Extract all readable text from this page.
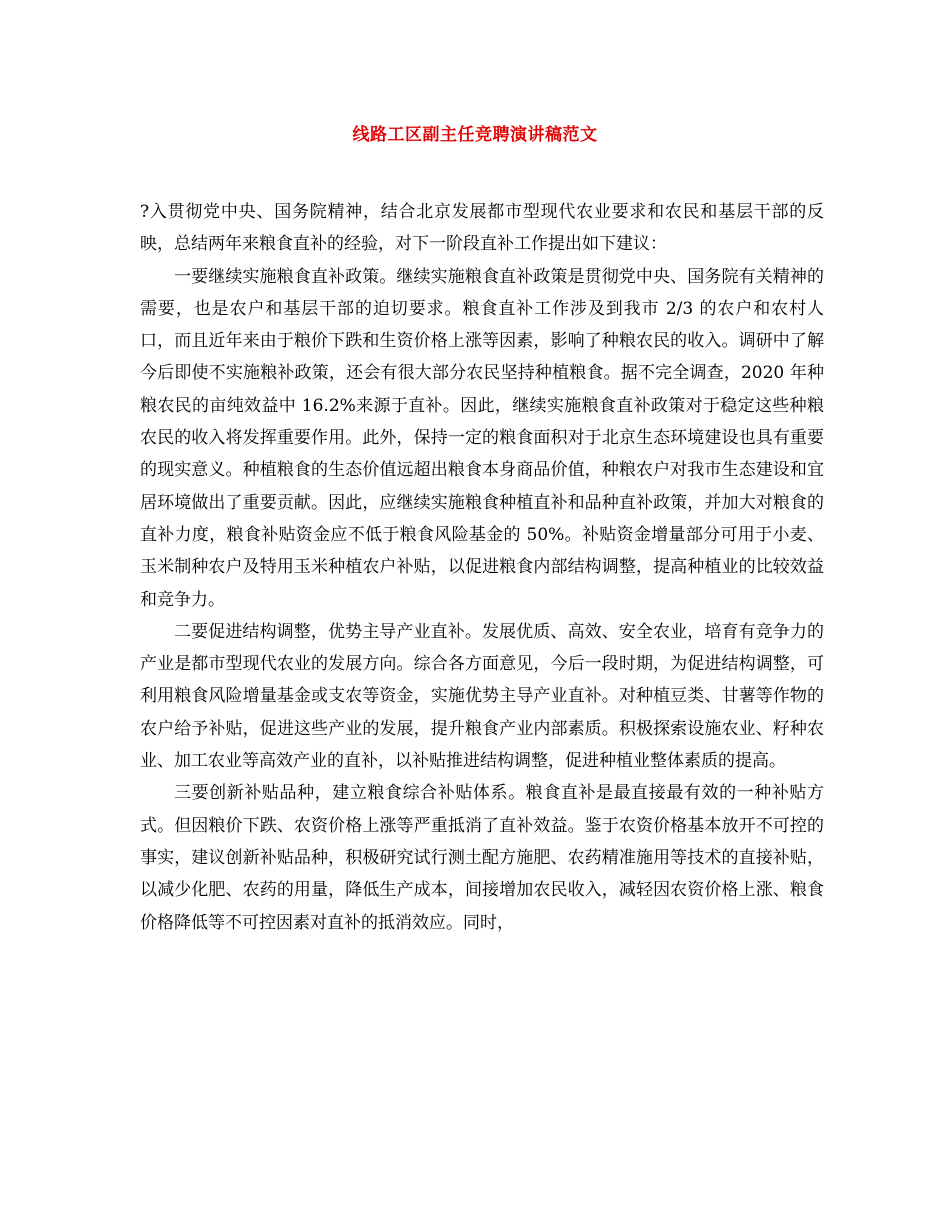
线路工区副主任竞聘演讲稿范文

?入贯彻党中央、国务院精神，结合北京发展都市型现代农业要求和农民和基层干部的反映，总结两年来粮食直补的经验，对下一阶段直补工作提出如下建议：

一要继续实施粮食直补政策。继续实施粮食直补政策是贯彻党中央、国务院有关精神的需要，也是农户和基层干部的迫切要求。粮食直补工作涉及到我市 2/3 的农户和农村人口，而且近年来由于粮价下跌和生资价格上涨等因素，影响了种粮农民的收入。调研中了解今后即使不实施粮补政策，还会有很大部分农民坚持种植粮食。据不完全调查，2020 年种粮农民的亩纯效益中 16.2%来源于直补。因此，继续实施粮食直补政策对于稳定这些种粮农民的收入将发挥重要作用。此外，保持一定的粮食面积对于北京生态环境建设也具有重要的现实意义。种植粮食的生态价值远超出粮食本身商品价值，种粮农户对我市生态建设和宜居环境做出了重要贡献。因此，应继续实施粮食种植直补和品种直补政策，并加大对粮食的直补力度，粮食补贴资金应不低于粮食风险基金的 50%。补贴资金增量部分可用于小麦、玉米制种农户及特用玉米种植农户补贴，以促进粮食内部结构调整，提高种植业的比较效益和竞争力。

二要促进结构调整，优势主导产业直补。发展优质、高效、安全农业，培育有竞争力的产业是都市型现代农业的发展方向。综合各方面意见，今后一段时期，为促进结构调整，可利用粮食风险增量基金或支农等资金，实施优势主导产业直补。对种植豆类、甘薯等作物的农户给予补贴，促进这些产业的发展，提升粮食产业内部素质。积极探索设施农业、籽种农业、加工农业等高效产业的直补，以补贴推进结构调整，促进种植业整体素质的提高。

三要创新补贴品种，建立粮食综合补贴体系。粮食直补是最直接最有效的一种补贴方式。但因粮价下跌、农资价格上涨等严重抵消了直补效益。鉴于农资价格基本放开不可控的事实，建议创新补贴品种，积极研究试行测土配方施肥、农药精准施用等技术的直接补贴，以减少化肥、农药的用量，降低生产成本，间接增加农民收入，减轻因农资价格上涨、粮食价格降低等不可控因素对直补的抵消效应。同时，
